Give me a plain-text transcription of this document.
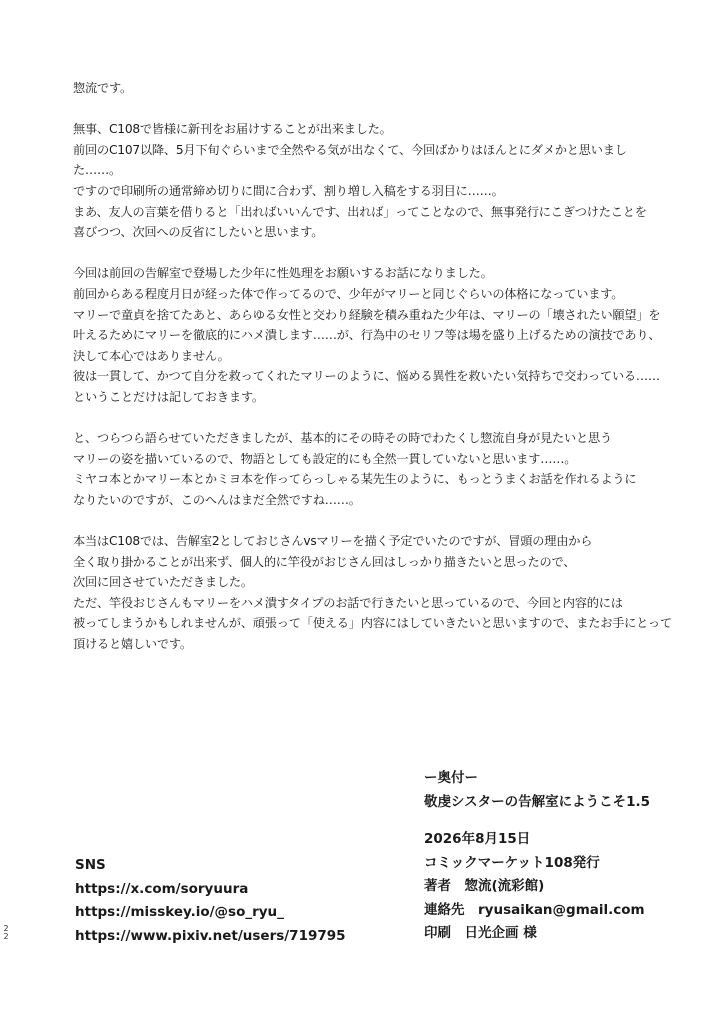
惣流です。
無事、C108で皆様に新刊をお届けすることが出来ました。
前回のC107以降、5月下旬ぐらいまで全然やる気が出なくて、今回ばかりはほんとにダメかと思いまし
た……。
ですので印刷所の通常締め切りに間に合わず、割り増し入稿をする羽目に……。
まあ、友人の言葉を借りると「出ればいいんです、出れば」ってことなので、無事発行にこぎつけたことを
喜びつつ、次回への反省にしたいと思います。
今回は前回の告解室で登場した少年に性処理をお願いするお話になりました。
前回からある程度月日が経った体で作ってるので、少年がマリーと同じぐらいの体格になっています。
マリーで童貞を捨てたあと、あらゆる女性と交わり経験を積み重ねた少年は、マリーの「壊されたい願望」を
叶えるためにマリーを徹底的にハメ潰します……が、行為中のセリフ等は場を盛り上げるための演技であり、
決して本心ではありません。
彼は一貫して、かつて自分を救ってくれたマリーのように、悩める異性を救いたい気持ちで交わっている……
ということだけは記しておきます。
と、つらつら語らせていただきましたが、基本的にその時その時でわたくし惣流自身が見たいと思う
マリーの姿を描いているので、物語としても設定的にも全然一貫していないと思います……。
ミヤコ本とかマリー本とかミヨ本を作ってらっしゃる某先生のように、もっとうまくお話を作れるように
なりたいのですが、このへんはまだ全然ですね……。
本当はC108では、告解室2としておじさんvsマリーを描く予定でいたのですが、冒頭の理由から
全く取り掛かることが出来ず、個人的に竿役がおじさん回はしっかり描きたいと思ったので、
次回に回させていただきました。
ただ、竿役おじさんもマリーをハメ潰すタイプのお話で行きたいと思っているので、今回と内容的には
被ってしまうかもしれませんが、頑張って「使える」内容にはしていきたいと思いますので、またお手にとって
頂けると嬉しいです。
SNS
https://x.com/soryuura
https://misskey.io/@so_ryu_
https://www.pixiv.net/users/719795
ー奥付ー
敬虔シスターの告解室にようこそ1.5
2026年8月15日
コミックマーケット108発行
著者　惣流(流彩館)
連絡先　ryusaikan@gmail.com
印刷　日光企画 様
22
